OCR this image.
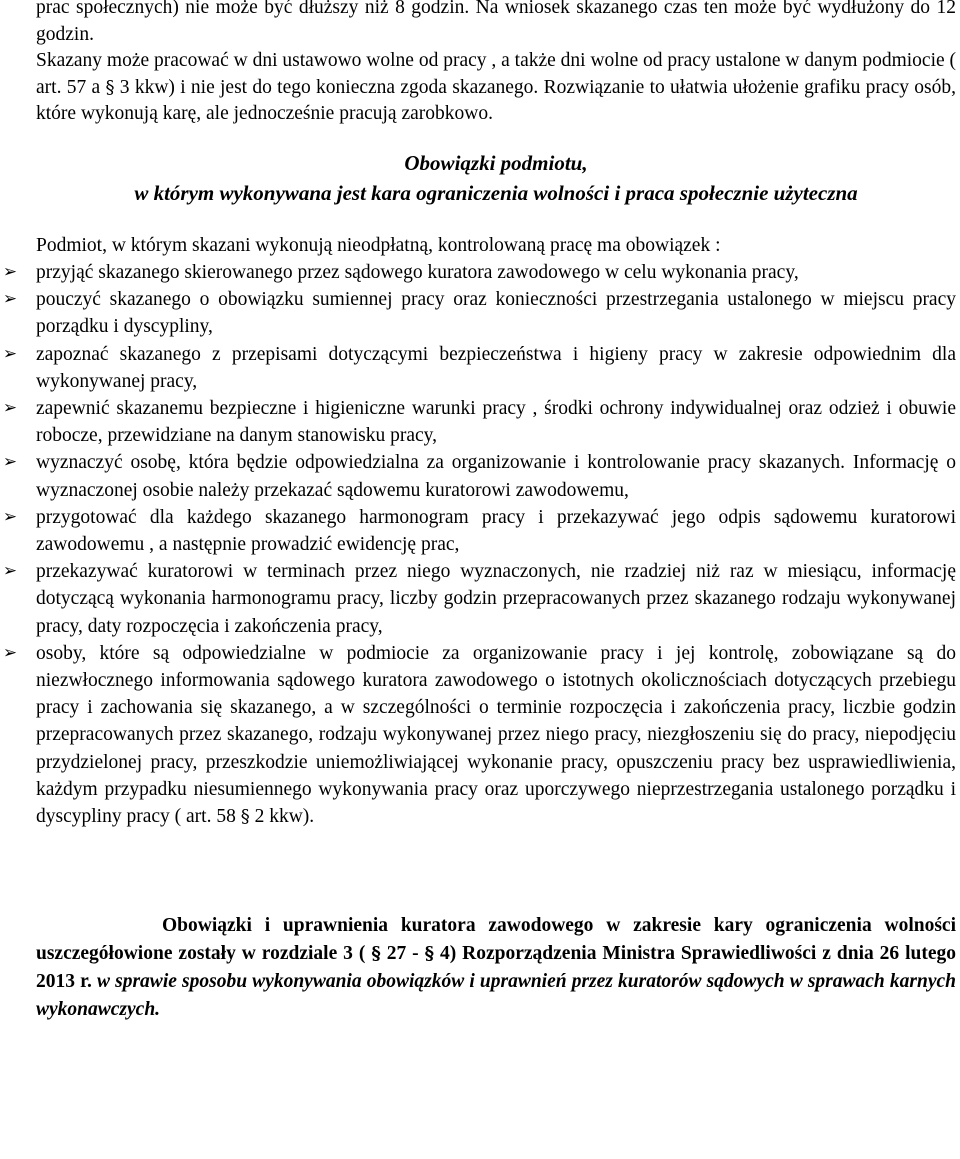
prac społecznych) nie może być dłuższy niż 8 godzin. Na wniosek skazanego czas ten może być wydłużony do 12 godzin.

Skazany może pracować w dni ustawowo wolne od pracy , a także dni wolne od pracy ustalone w danym podmiocie ( art. 57 a § 3 kkw) i nie jest do tego konieczna zgoda skazanego. Rozwiązanie to ułatwia ułożenie grafiku pracy osób, które wykonują karę, ale jednocześnie pracują zarobkowo.

Obowiązki podmiotu,

w którym wykonywana jest kara ograniczenia wolności i praca społecznie użyteczna

Podmiot, w którym skazani wykonują nieodpłatną, kontrolowaną pracę ma obowiązek :

➢ przyjąć skazanego skierowanego przez sądowego kuratora zawodowego w celu wykonania pracy,
➢ pouczyć skazanego o obowiązku sumiennej pracy oraz konieczności przestrzegania ustalonego w miejscu pracy porządku i dyscypliny,
➢ zapoznać skazanego z przepisami dotyczącymi bezpieczeństwa i higieny pracy w zakresie odpowiednim dla wykonywanej pracy,
➢ zapewnić skazanemu bezpieczne i higieniczne warunki pracy , środki ochrony indywidualnej oraz odzież i obuwie robocze, przewidziane na danym stanowisku pracy,
➢ wyznaczyć osobę, która będzie odpowiedzialna za organizowanie i kontrolowanie pracy skazanych. Informację o wyznaczonej osobie należy przekazać sądowemu kuratorowi zawodowemu,
➢ przygotować dla każdego skazanego harmonogram pracy i przekazywać jego odpis sądowemu kuratorowi zawodowemu , a następnie prowadzić ewidencję prac,
➢ przekazywać kuratorowi w terminach przez niego wyznaczonych, nie rzadziej niż raz w miesiącu, informację dotyczącą wykonania harmonogramu pracy, liczby godzin przepracowanych przez skazanego rodzaju wykonywanej pracy, daty rozpoczęcia i zakończenia pracy,
➢ osoby, które są odpowiedzialne w podmiocie za organizowanie pracy i jej kontrolę, zobowiązane są do niezwłocznego informowania sądowego kuratora zawodowego o istotnych okolicznościach dotyczących przebiegu pracy i zachowania się skazanego, a w szczególności o terminie rozpoczęcia i zakończenia pracy, liczbie godzin przepracowanych przez skazanego, rodzaju wykonywanej przez niego pracy, niezgłoszeniu się do pracy, niepodjęciu przydzielonej pracy, przeszkodzie uniemożliwiającej wykonanie pracy, opuszczeniu pracy bez usprawiedliwienia, każdym przypadku niesumiennego wykonywania pracy oraz uporczywego nieprzestrzegania ustalonego porządku i dyscypliny pracy ( art. 58 § 2 kkw).

Obowiązki i uprawnienia kuratora zawodowego w zakresie kary ograniczenia wolności uszczegółowione zostały w rozdziale 3 ( § 27 - § 4) Rozporządzenia Ministra Sprawiedliwości z dnia 26 lutego 2013 r. w sprawie sposobu wykonywania obowiązków i uprawnień przez kuratorów sądowych w sprawach karnych wykonawczych.
